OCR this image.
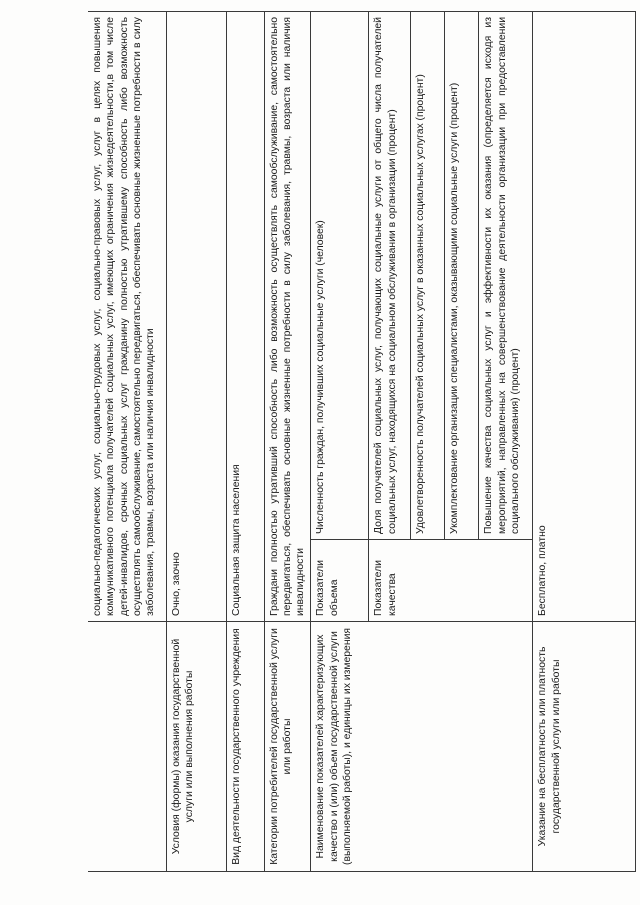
	социально-педагогических услуг, социально-трудовых услуг, социально-правовых услуг, услуг в целях повышения коммуникативного потенциала получателей социальных услуг, имеющих ограничения жизнедеятельности,в том числе детей-инвалидов, срочных социальных услуг гражданину полностью утратившему способность либо возможность осуществлять самообслуживание, самостоятельно передвигаться, обеспечивать основные жизненные потребности в силу заболевания, травмы, возраста или наличия инвалидности	
Условия (формы) оказания государственной услуги или выполнения работы	Очно, заочно	
Вид деятельности государственного учреждения	Социальная защита населения	
Категории потребителей государственной услуги или работы	Граждани полностью утративший способность либо возможность осуществлять самообслуживание, самостоятельно передвигаться, обеспечивать основные жизненные потребности в силу заболевания, травмы, возраста или наличия инвалидности	
Наименование показателей характеризующих качество и (или) объем государственной услуги (выполняемой работы), и единицы их измерения	Показатели объема	Численность граждан, получивших социальные услуги (человек)
	Показатели качества	Доля получателей социальных услуг, получающих социальные услуги от общего числа получателей социальных услуг, находящихся на социальном обслуживании в организации (процент)
		Удовлетворенность получателей социальных услуг в оказанных социальных услугах (процент)
		Укомплектование организации специалистами, оказывающими социальные услуги (процент)
		Повышение качества социальных услуг и эффективности их оказания (определяется исходя из мероприятий, направленных на совершенствование деятельности организации при предоставлении социального обслуживания) (процент)
Указание на бесплатность или платность государственной услуги или работы	Бесплатно, платно	
